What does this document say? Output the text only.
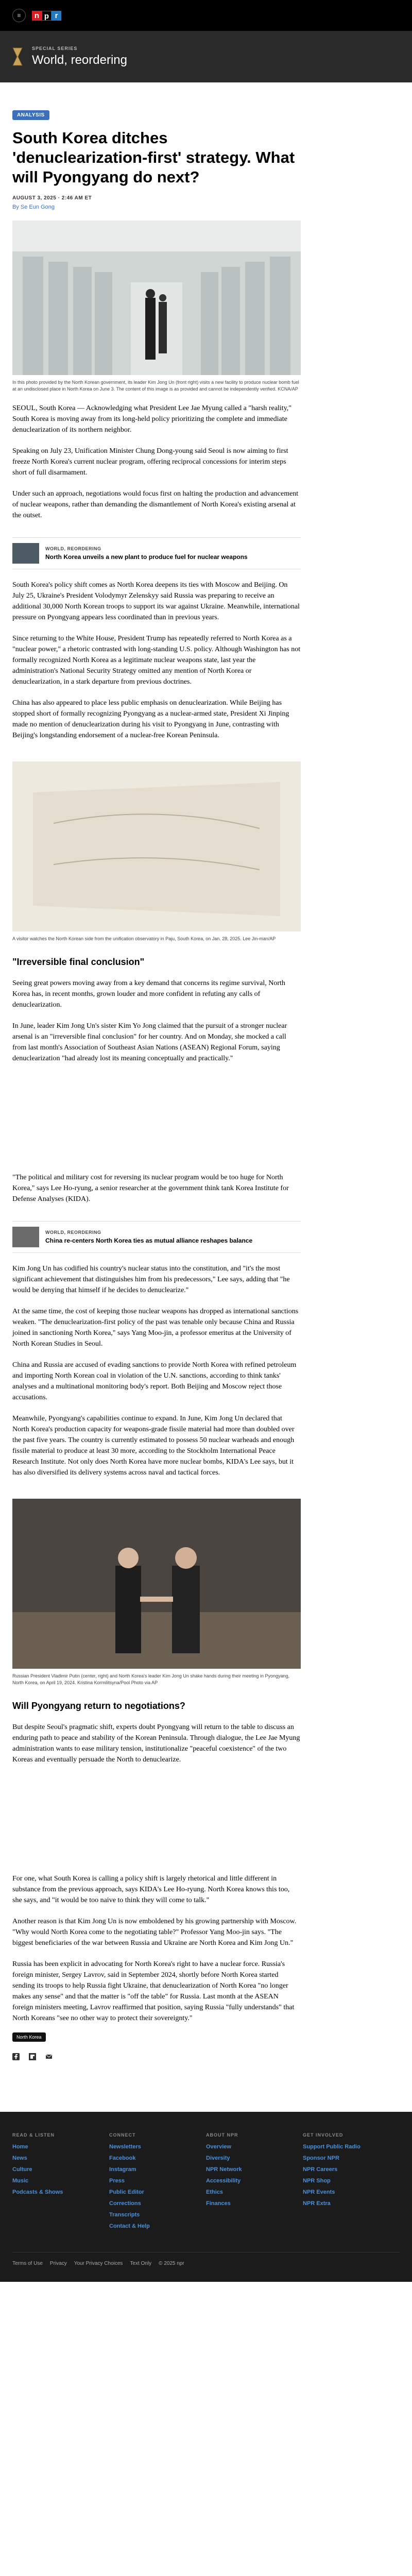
≡	n p r
SPECIAL SERIES
World, reordering
ANALYSIS
South Korea ditches 'denuclearization-first' strategy. What will Pyongyang do next?
AUGUST 3, 2025 · 2:46 AM ET
By Se Eun Gong
In this photo provided by the North Korean government, its leader Kim Jong Un (front right) visits a new facility to produce nuclear bomb fuel at an undisclosed place in North Korea on June 3. The content of this image is as provided and cannot be independently verified. KCNA/AP

SEOUL, South Korea — Acknowledging what President Lee Jae Myung called a "harsh reality," South Korea is moving away from its long-held policy prioritizing the complete and immediate denuclearization of its northern neighbor.

Speaking on July 23, Unification Minister Chung Dong-young said Seoul is now aiming to first freeze North Korea's current nuclear program, offering reciprocal concessions for interim steps short of full disarmament.

Under such an approach, negotiations would focus first on halting the production and advancement of nuclear weapons, rather than demanding the dismantlement of North Korea's existing arsenal at the outset.

WORLD, REORDERING
North Korea unveils a new plant to produce fuel for nuclear weapons

South Korea's policy shift comes as North Korea deepens its ties with Moscow and Beijing. On July 25, Ukraine's President Volodymyr Zelenskyy said Russia was preparing to receive an additional 30,000 North Korean troops to support its war against Ukraine. Meanwhile, international pressure on Pyongyang appears less coordinated than in previous years.

Since returning to the White House, President Trump has repeatedly referred to North Korea as a "nuclear power," a rhetoric contrasted with long-standing U.S. policy. Although Washington has not formally recognized North Korea as a legitimate nuclear weapons state, last year the administration's National Security Strategy omitted any mention of North Korea or denuclearization, in a stark departure from previous doctrines.

China has also appeared to place less public emphasis on denuclearization. While Beijing has stopped short of formally recognizing Pyongyang as a nuclear-armed state, President Xi Jinping made no mention of denuclearization during his visit to Pyongyang in June, contrasting with Beijing's longstanding endorsement of a nuclear-free Korean Peninsula.

A visitor watches the North Korean side from the unification observatory in Paju, South Korea, on Jan. 28, 2025. Lee Jin-man/AP
"Irreversible final conclusion"

Seeing great powers moving away from a key demand that concerns its regime survival, North Korea has, in recent months, grown louder and more confident in refuting any calls of denuclearization.

In June, leader Kim Jong Un's sister Kim Yo Jong claimed that the pursuit of a stronger nuclear arsenal is an "irreversible final conclusion" for her country. And on Monday, she mocked a call from last month's Association of Southeast Asian Nations (ASEAN) Regional Forum, saying denuclearization "had already lost its meaning conceptually and practically."

"The political and military cost for reversing its nuclear program would be too huge for North Korea," says Lee Ho-ryung, a senior researcher at the government think tank Korea Institute for Defense Analyses (KIDA).

WORLD, REORDERING
China re-centers North Korea ties as mutual alliance reshapes balance

Kim Jong Un has codified his country's nuclear status into the constitution, and "it's the most significant achievement that distinguishes him from his predecessors," Lee says, adding that "he would be denying that himself if he decides to denuclearize."

At the same time, the cost of keeping those nuclear weapons has dropped as international sanctions weaken. "The denuclearization-first policy of the past was tenable only because China and Russia joined in sanctioning North Korea," says Yang Moo-jin, a professor emeritus at the University of North Korean Studies in Seoul.

China and Russia are accused of evading sanctions to provide North Korea with refined petroleum and importing North Korean coal in violation of the U.N. sanctions, according to think tanks' analyses and a multinational monitoring body's report. Both Beijing and Moscow reject those accusations.

Meanwhile, Pyongyang's capabilities continue to expand. In June, Kim Jong Un declared that North Korea's production capacity for weapons-grade fissile material had more than doubled over the past five years. The country is currently estimated to possess 50 nuclear warheads and enough fissile material to produce at least 30 more, according to the Stockholm International Peace Research Institute. Not only does North Korea have more nuclear bombs, KIDA's Lee says, but it has also diversified its delivery systems across naval and tactical forces.

Russian President Vladimir Putin (center, right) and North Korea's leader Kim Jong Un shake hands during their meeting in Pyongyang, North Korea, on April 19, 2024. Kristina Kormilitsyna/Pool Photo via AP
Will Pyongyang return to negotiations?

But despite Seoul's pragmatic shift, experts doubt Pyongyang will return to the table to discuss an enduring path to peace and stability of the Korean Peninsula. Through dialogue, the Lee Jae Myung administration wants to ease military tension, institutionalize "peaceful coexistence" of the two Koreas and eventually persuade the North to denuclearize.

For one, what South Korea is calling a policy shift is largely rhetorical and little different in substance from the previous approach, says KIDA's Lee Ho-ryung. North Korea knows this too, she says, and "it would be too naive to think they will come to talk."

Another reason is that Kim Jong Un is now emboldened by his growing partnership with Moscow. "Why would North Korea come to the negotiating table?" Professor Yang Moo-jin says. "The biggest beneficiaries of the war between Russia and Ukraine are North Korea and Kim Jong Un."

Russia has been explicit in advocating for North Korea's right to have a nuclear force. Russia's foreign minister, Sergey Lavrov, said in September 2024, shortly before North Korea started sending its troops to help Russia fight Ukraine, that denuclearization of North Korea "no longer makes any sense" and that the matter is "off the table" for Russia. Last month at the ASEAN foreign ministers meeting, Lavrov reaffirmed that position, saying Russia "fully understands" that North Koreans "see no other way to protect their sovereignty."

North Korea
READ & LISTEN
Home
News
Culture
Music
Podcasts & Shows
CONNECT
Newsletters
Facebook
Instagram
Press
Public Editor
Corrections
Transcripts
Contact & Help
ABOUT NPR
Overview
Diversity
NPR Network
Accessibility
Ethics
Finances
GET INVOLVED
Support Public Radio
Sponsor NPR
NPR Careers
NPR Shop
NPR Events
NPR Extra
Terms of Use Privacy Your Privacy Choices Text Only © 2025 npr
